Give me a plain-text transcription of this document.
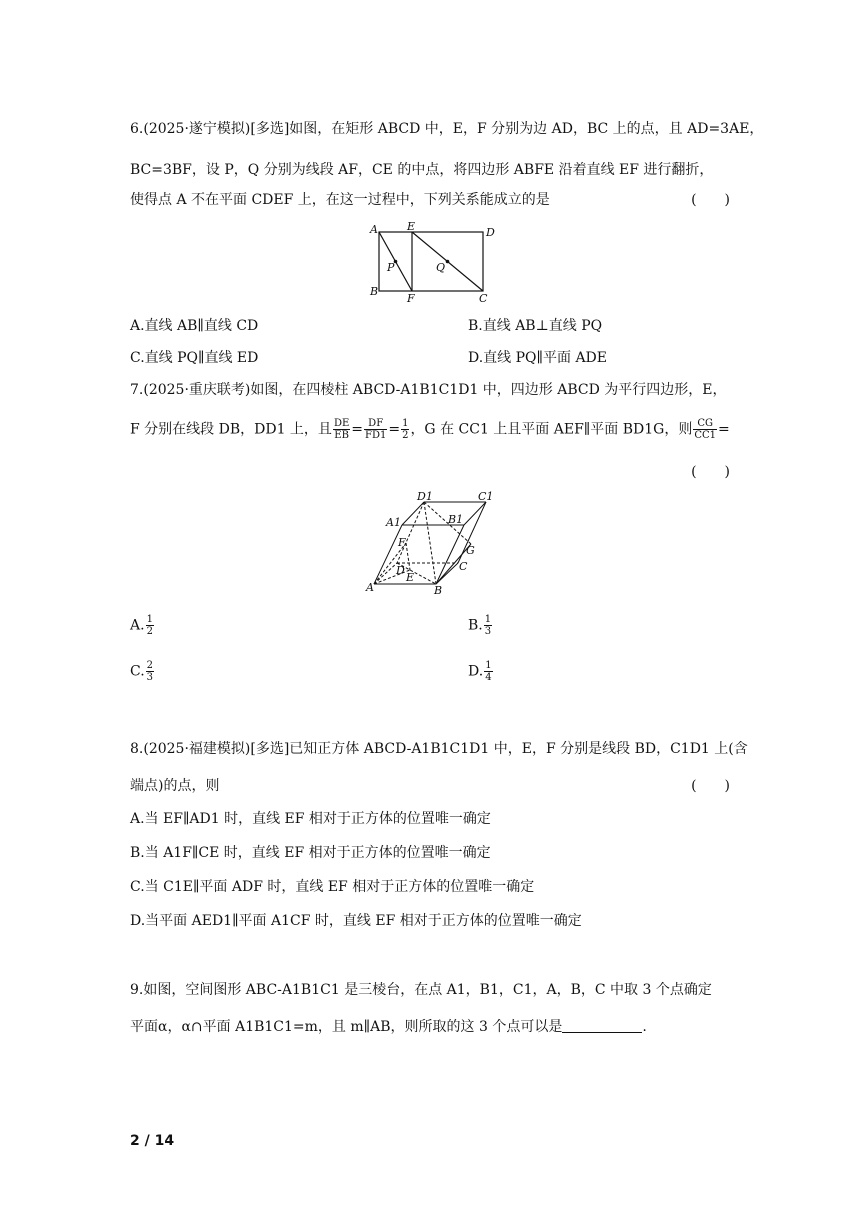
6.(2025·遂宁模拟)[多选]如图，在矩形 ABCD 中，E，F 分别为边 AD，BC 上的点，且 AD=3AE，
BC=3BF，设 P，Q 分别为线段 AF，CE 的中点，将四边形 ABFE 沿着直线 EF 进行翻折，
使得点 A 不在平面 CDEF 上，在这一过程中，下列关系能成立的是	(　　)
A	E	D
P	Q
B
F	C
A.直线 AB∥直线 CD	B.直线 AB⊥直线 PQ
C.直线 PQ∥直线 ED	D.直线 PQ∥平面 ADE
7.(2025·重庆联考)如图，在四棱柱 ABCD-A1B1C1D1 中，四边形 ABCD 为平行四边形，E，
F 分别在线段 DB，DD1 上，且 $\frac{DE}{EB} = \frac{DF}{FD1} = \frac{1}{2}$ ，G 在 CC1 上且平面 AEF∥平面 BD1G，则 $\frac{CG}{CC1}$ =
(　　)
D1	C1
A1	B1
F
G
D	C
E
A	B
A. $\frac{1}{2}$	B. $\frac{1}{3}$
C. $\frac{2}{3}$	D. $\frac{1}{4}$
8.(2025·福建模拟)[多选]已知正方体 ABCD-A1B1C1D1 中，E，F 分别是线段 BD，C1D1 上(含
端点)的点，则	(　　)
A.当 EF∥AD1 时，直线 EF 相对于正方体的位置唯一确定
B.当 A1F∥CE 时，直线 EF 相对于正方体的位置唯一确定
C.当 C1E∥平面 ADF 时，直线 EF 相对于正方体的位置唯一确定
D.当平面 AED1∥平面 A1CF 时，直线 EF 相对于正方体的位置唯一确定
9.如图，空间图形 ABC-A1B1C1 是三棱台，在点 A1，B1，C1，A，B，C 中取 3 个点确定
平面α，α∩平面 A1B1C1=m，且 m∥AB，则所取的这 3 个点可以是	.
2 / 14
